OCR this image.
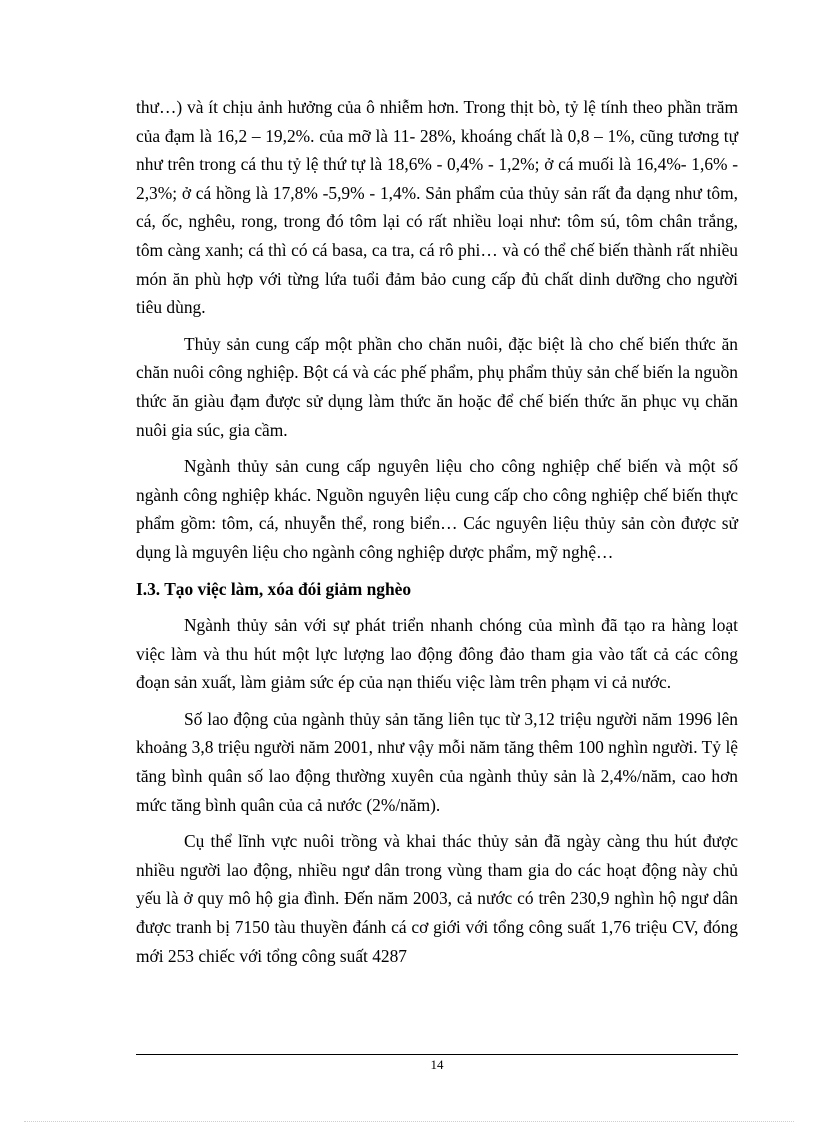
thư…) và ít chịu ảnh hưởng của ô nhiễm hơn. Trong thịt bò, tỷ lệ tính theo phần trăm của đạm là 16,2 – 19,2%. của mỡ là 11- 28%, khoáng chất là 0,8 – 1%, cũng tương tự như trên trong cá thu tỷ lệ thứ tự là 18,6% - 0,4% - 1,2%; ở cá muối là 16,4%- 1,6% - 2,3%; ở cá hồng là 17,8% -5,9% - 1,4%. Sản phẩm của thủy sản rất đa dạng như tôm, cá, ốc, nghêu, rong, trong đó tôm lại có rất nhiều loại như: tôm sú, tôm chân trắng, tôm càng xanh; cá thì có cá basa, ca tra, cá rô phi… và có thể chế biến thành rất nhiều món ăn phù hợp với từng lứa tuổi đảm bảo cung cấp đủ chất dinh dưỡng cho người tiêu dùng.

Thủy sản cung cấp một phần cho chăn nuôi, đặc biệt là cho chế biến thức ăn chăn nuôi công nghiệp. Bột cá và các phế phẩm, phụ phẩm thủy sản chế biến la nguồn thức ăn giàu đạm được sử dụng làm thức ăn hoặc để chế biến thức ăn phục vụ chăn nuôi gia súc, gia cầm.

Ngành thủy sản cung cấp nguyên liệu cho công nghiệp chế biến và một số ngành công nghiệp khác. Nguồn nguyên liệu cung cấp cho công nghiệp chế biến thực phẩm gồm: tôm, cá, nhuyễn thể, rong biển… Các nguyên liệu thủy sản còn được sử dụng là mguyên liệu cho ngành công nghiệp dược phẩm, mỹ nghệ…

I.3. Tạo việc làm, xóa đói giảm nghèo

Ngành thủy sản với sự phát triển nhanh chóng của mình đã tạo ra hàng loạt việc làm và thu hút một lực lượng lao động đông đảo tham gia vào tất cả các công đoạn sản xuất, làm giảm sức ép của nạn thiếu việc làm trên phạm vi cả nước.

Số lao động của ngành thủy sản tăng liên tục từ 3,12 triệu người năm 1996 lên khoảng 3,8 triệu người năm 2001, như vậy mỗi năm tăng thêm 100 nghìn người. Tỷ lệ tăng bình quân số lao động thường xuyên của ngành thủy sản là 2,4%/năm, cao hơn mức tăng bình quân của cả nước (2%/năm).

Cụ thể lĩnh vực nuôi trồng và khai thác thủy sản đã ngày càng thu hút được nhiều người lao động, nhiều ngư dân trong vùng tham gia do các hoạt động này chủ yếu là ở quy mô hộ gia đình. Đến năm 2003, cả nước có trên 230,9 nghìn hộ ngư dân được tranh bị 7150 tàu thuyền đánh cá cơ giới với tổng công suất 1,76 triệu CV, đóng mới 253 chiếc với tổng công suất 4287

14
